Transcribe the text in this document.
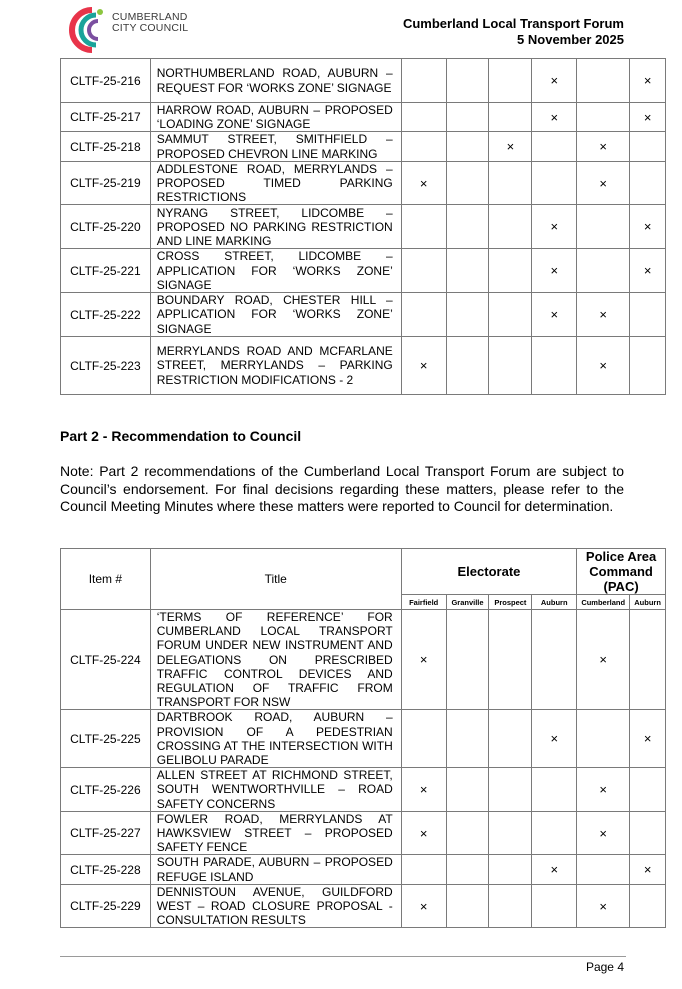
CUMBERLAND
CITY COUNCIL	Cumberland Local Transport Forum
5 November 2025
CLTF-25-216	NORTHUMBERLAND ROAD, AUBURN – REQUEST FOR ‘WORKS ZONE’ SIGNAGE				×		×
CLTF-25-217	HARROW ROAD, AUBURN – PROPOSED ‘LOADING ZONE’ SIGNAGE				×		×
CLTF-25-218	SAMMUT STREET, SMITHFIELD – PROPOSED CHEVRON LINE MARKING			×		×	
CLTF-25-219	ADDLESTONE ROAD, MERRYLANDS – PROPOSED TIMED PARKING RESTRICTIONS	×				×	
CLTF-25-220	NYRANG STREET, LIDCOMBE – PROPOSED NO PARKING RESTRICTION AND LINE MARKING				×		×
CLTF-25-221	CROSS STREET, LIDCOMBE – APPLICATION FOR ‘WORKS ZONE’ SIGNAGE				×		×
CLTF-25-222	BOUNDARY ROAD, CHESTER HILL – APPLICATION FOR ‘WORKS ZONE’ SIGNAGE				×	×	
CLTF-25-223	MERRYLANDS ROAD AND MCFARLANE STREET, MERRYLANDS – PARKING RESTRICTION MODIFICATIONS - 2	×				×	
Part 2 - Recommendation to Council
Note: Part 2 recommendations of the Cumberland Local Transport Forum are subject to Council’s endorsement. For final decisions regarding these matters, please refer to the Council Meeting Minutes where these matters were reported to Council for determination.
Item #	Title	Electorate				Police Area Command (PAC)	
		Fairfield	Granville	Prospect	Auburn	Cumberland	Auburn
CLTF-25-224	‘TERMS OF REFERENCE’ FOR CUMBERLAND LOCAL TRANSPORT FORUM UNDER NEW INSTRUMENT AND DELEGATIONS ON PRESCRIBED TRAFFIC CONTROL DEVICES AND REGULATION OF TRAFFIC FROM TRANSPORT FOR NSW	×				×	
CLTF-25-225	DARTBROOK ROAD, AUBURN – PROVISION OF A PEDESTRIAN CROSSING AT THE INTERSECTION WITH GELIBOLU PARADE				×		×
CLTF-25-226	ALLEN STREET AT RICHMOND STREET, SOUTH WENTWORTHVILLE – ROAD SAFETY CONCERNS	×				×	
CLTF-25-227	FOWLER ROAD, MERRYLANDS AT HAWKSVIEW STREET – PROPOSED SAFETY FENCE	×				×	
CLTF-25-228	SOUTH PARADE, AUBURN – PROPOSED REFUGE ISLAND				×		×
CLTF-25-229	DENNISTOUN AVENUE, GUILDFORD WEST – ROAD CLOSURE PROPOSAL - CONSULTATION RESULTS	×				×	
Page 4
